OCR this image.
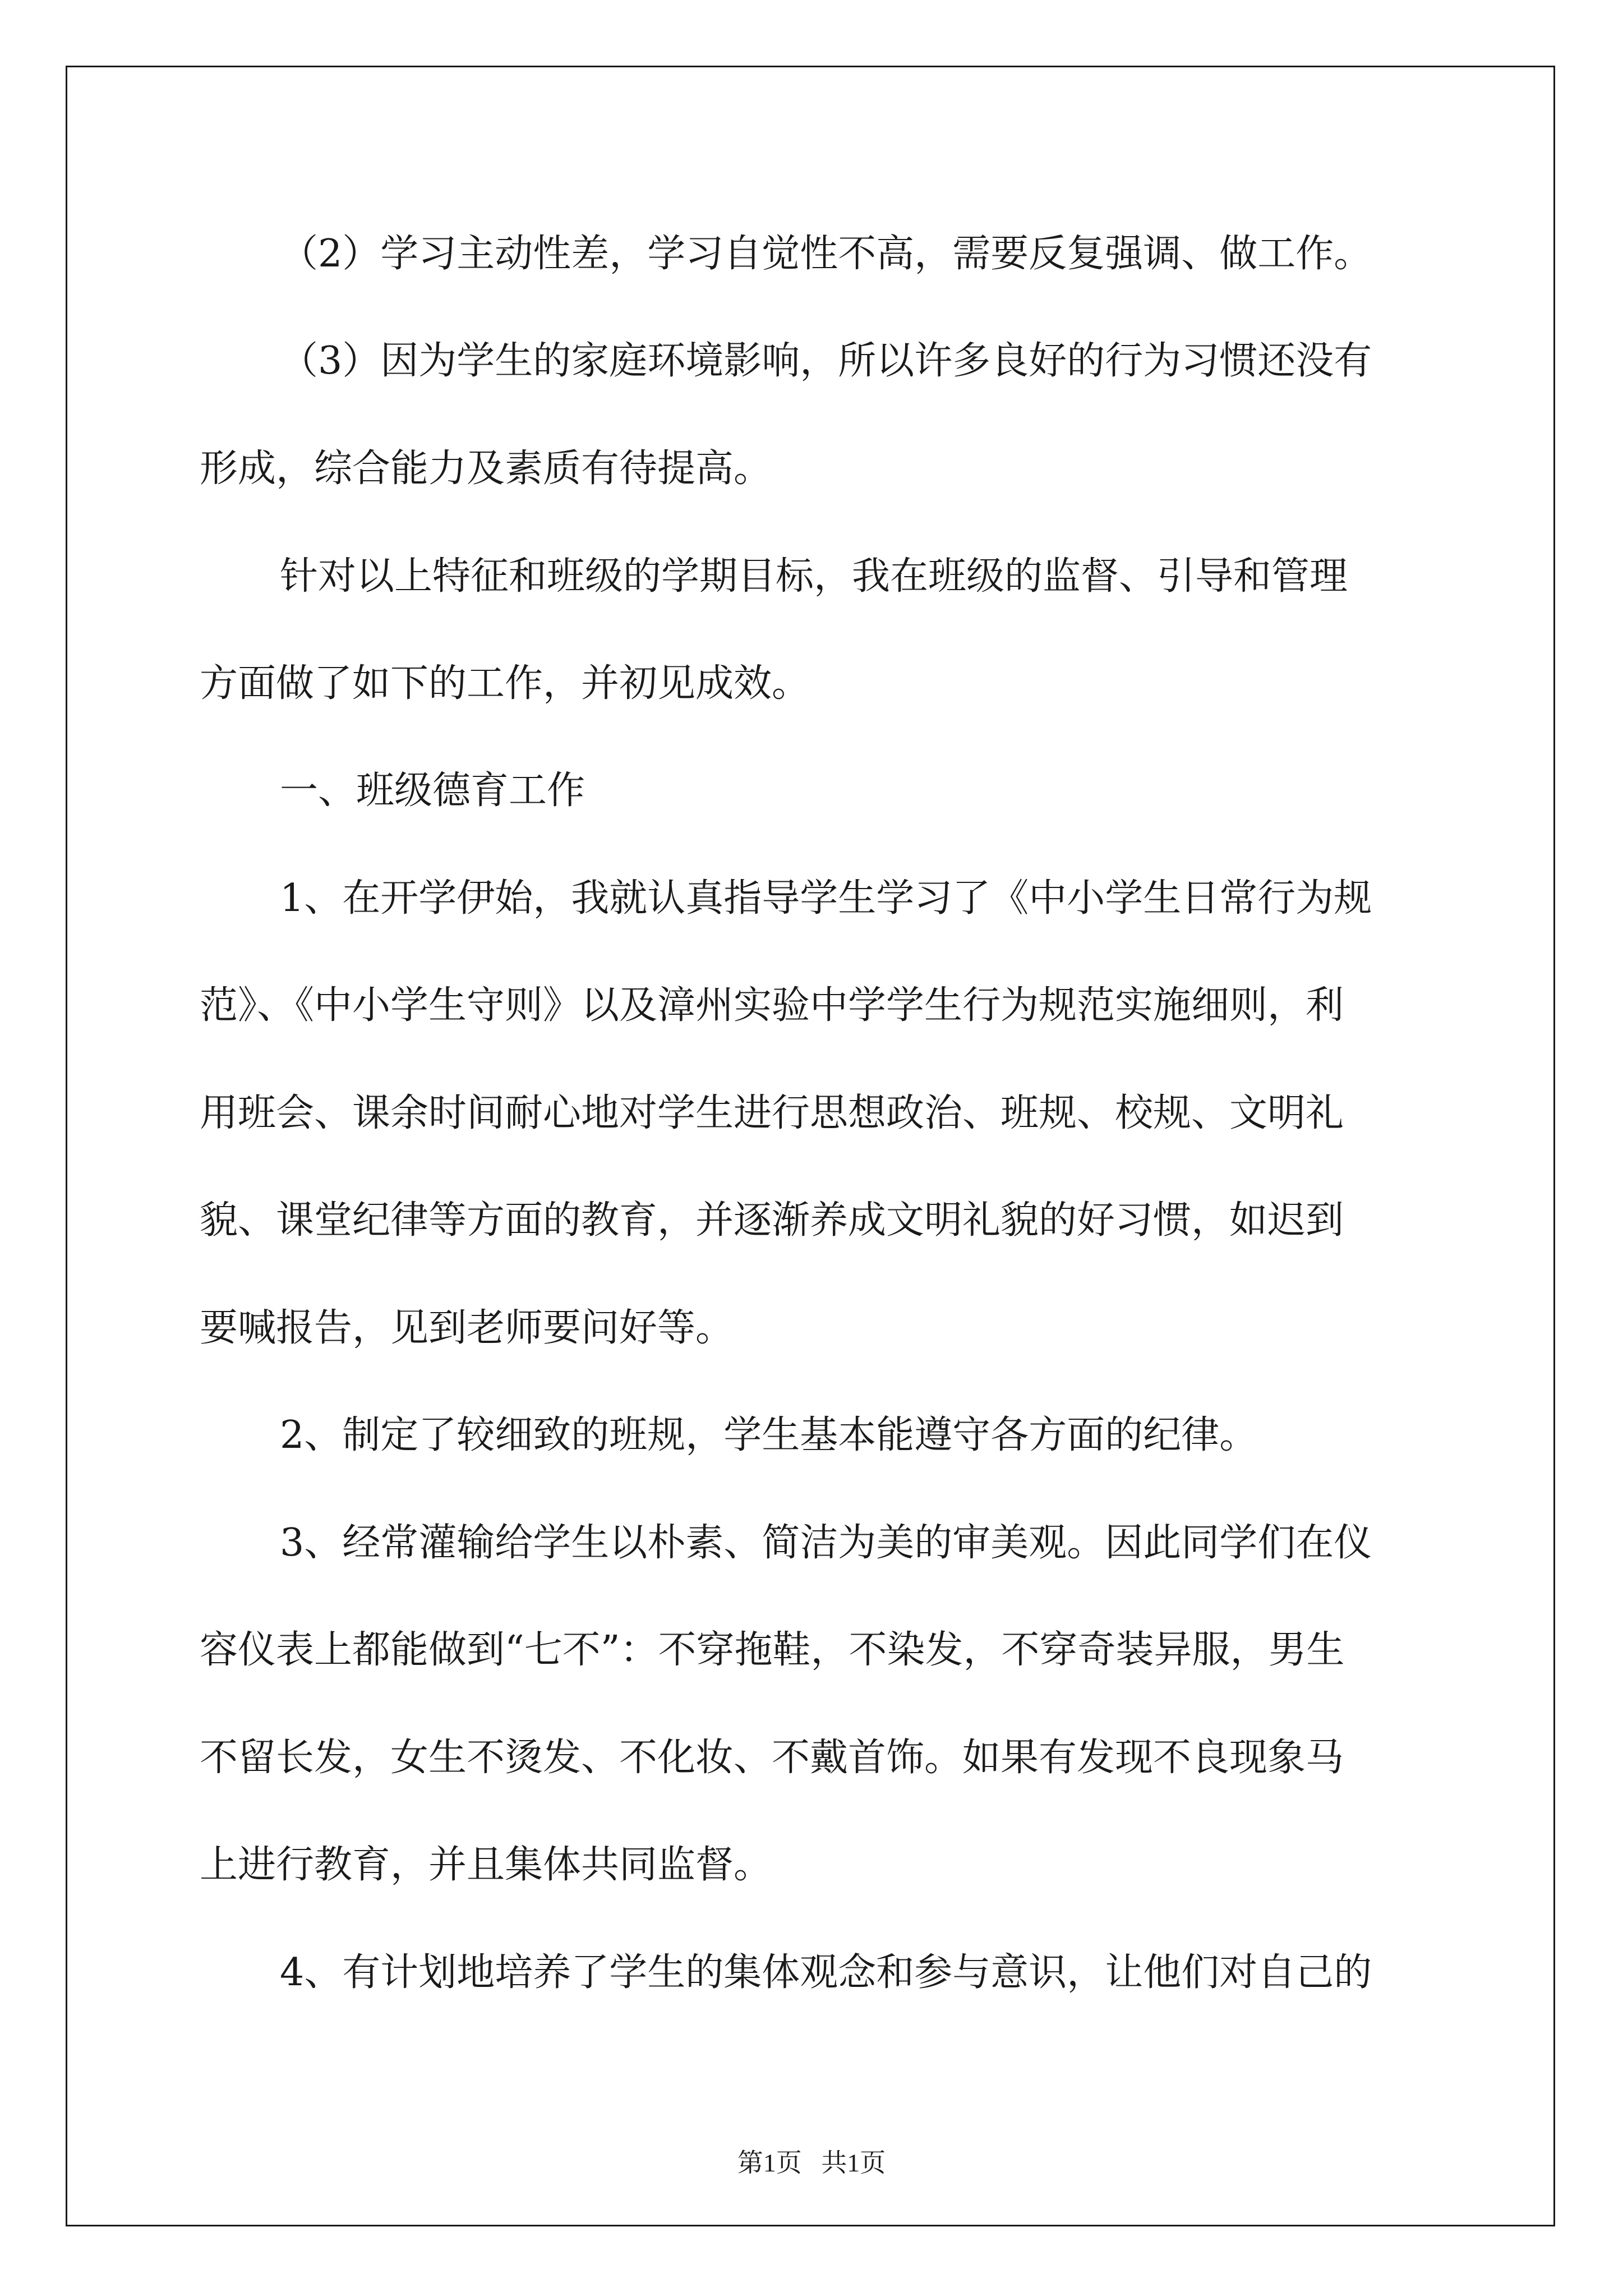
（2）学习主动性差，学习自觉性不高，需要反复强调、做工作。
（3）因为学生的家庭环境影响，所以许多良好的行为习惯还没有
形成，综合能力及素质有待提高。
针对以上特征和班级的学期目标，我在班级的监督、引导和管理
方面做了如下的工作，并初见成效。
一、班级德育工作
1、在开学伊始，我就认真指导学生学习了《中小学生日常行为规
范》、《中小学生守则》以及漳州实验中学学生行为规范实施细则，利
用班会、课余时间耐心地对学生进行思想政治、班规、校规、文明礼
貌、课堂纪律等方面的教育，并逐渐养成文明礼貌的好习惯，如迟到
要喊报告，见到老师要问好等。
2、制定了较细致的班规，学生基本能遵守各方面的纪律。
3、经常灌输给学生以朴素、简洁为美的审美观。因此同学们在仪
容仪表上都能做到“七不”：不穿拖鞋，不染发，不穿奇装异服，男生
不留长发，女生不烫发、不化妆、不戴首饰。如果有发现不良现象马
上进行教育，并且集体共同监督。
4、有计划地培养了学生的集体观念和参与意识，让他们对自己的
第1页 共1页
